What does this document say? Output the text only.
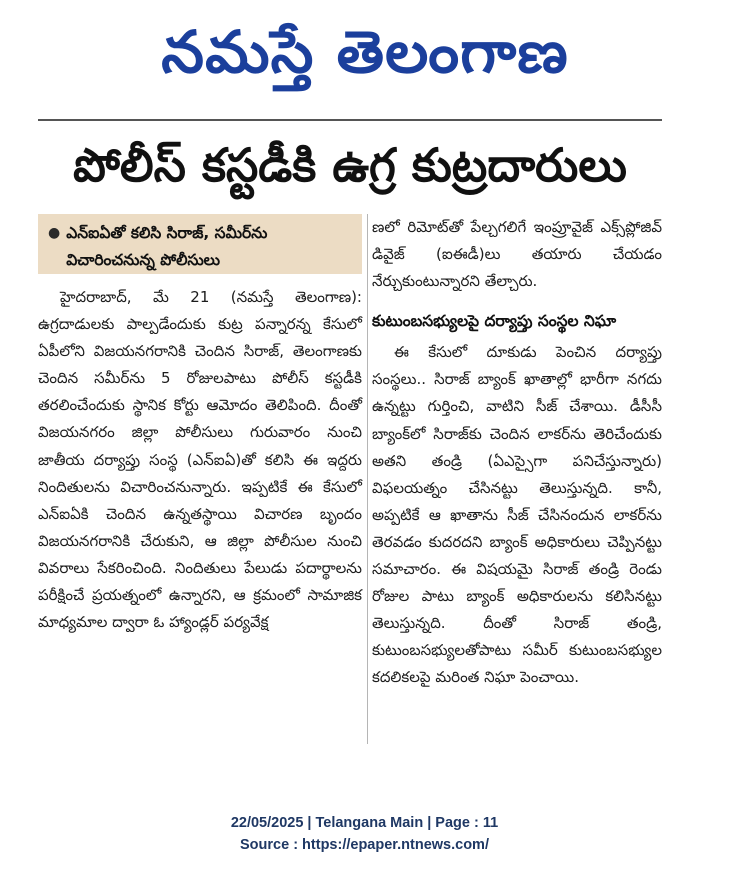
నమస్తే తెలంగాణ
పోలీస్ కస్టడీకి ఉగ్ర కుట్రదారులు
● ఎన్ఐఏతో కలిసి సిరాజ్, సమీర్‌ను విచారించనున్న పోలీసులు

హైదరాబాద్, మే 21 (నమస్తే తెలంగాణ): ఉగ్రదాడులకు పాల్పడేందుకు కుట్ర పన్నారన్న కేసులో ఏపీలోని విజయనగరానికి చెందిన సిరాజ్, తెలంగాణకు చెందిన సమీర్‌ను 5 రోజులపాటు పోలీస్ కస్టడీకి తరలించేందుకు స్థానిక కోర్టు ఆమోదం తెలిపింది. దీంతో విజయనగరం జిల్లా పోలీసులు గురువారం నుంచి జాతీయ దర్యాప్తు సంస్థ (ఎన్ఐఏ)తో కలిసి ఈ ఇద్దరు నిందితులను విచారించనున్నారు. ఇప్పటికే ఈ కేసులో ఎన్ఐఏకి చెందిన ఉన్నతస్థాయి విచారణ బృందం విజయనగరానికి చేరుకుని, ఆ జిల్లా పోలీసుల నుంచి వివరాలు సేకరించింది. నిందితులు పేలుడు పదార్థాలను పరీక్షించే ప్రయత్నంలో ఉన్నారని, ఆ క్రమంలో సామాజిక మాధ్యమాల ద్వారా ఓ హ్యాండ్లర్ పర్యవేక్ష

ణలో రిమోట్‌తో పేల్చగలిగే ఇంప్రూవైజ్ ఎక్స్‌ప్లోజివ్ డివైజ్ (ఐఈడీ)లు తయారు చేయడం నేర్చుకుంటున్నారని తేల్చారు.

కుటుంబసభ్యులపై దర్యాప్తు సంస్థల నిఘా

ఈ కేసులో దూకుడు పెంచిన దర్యాప్తు సంస్థలు.. సిరాజ్ బ్యాంక్ ఖాతాల్లో భారీగా నగదు ఉన్నట్టు గుర్తించి, వాటిని సీజ్ చేశాయి. డీసీసీ బ్యాంక్‌లో సిరాజ్‌కు చెందిన లాకర్‌ను తెరిచేందుకు అతని తండ్రి (ఏఎస్సైగా పనిచేస్తున్నారు) విఫలయత్నం చేసినట్టు తెలుస్తున్నది. కానీ, అప్పటికే ఆ ఖాతాను సీజ్ చేసినందున లాకర్‌ను తెరవడం కుదరదని బ్యాంక్ అధికారులు చెప్పినట్టు సమాచారం. ఈ విషయమై సిరాజ్ తండ్రి రెండు రోజుల పాటు బ్యాంక్ అధికారులను కలిసినట్టు తెలుస్తున్నది. దీంతో సిరాజ్ తండ్రి, కుటుంబసభ్యులతోపాటు సమీర్ కుటుంబసభ్యుల కదలికలపై మరింత నిఘా పెంచాయి.

22/05/2025 | Telangana Main | Page : 11
Source : https://epaper.ntnews.com/
